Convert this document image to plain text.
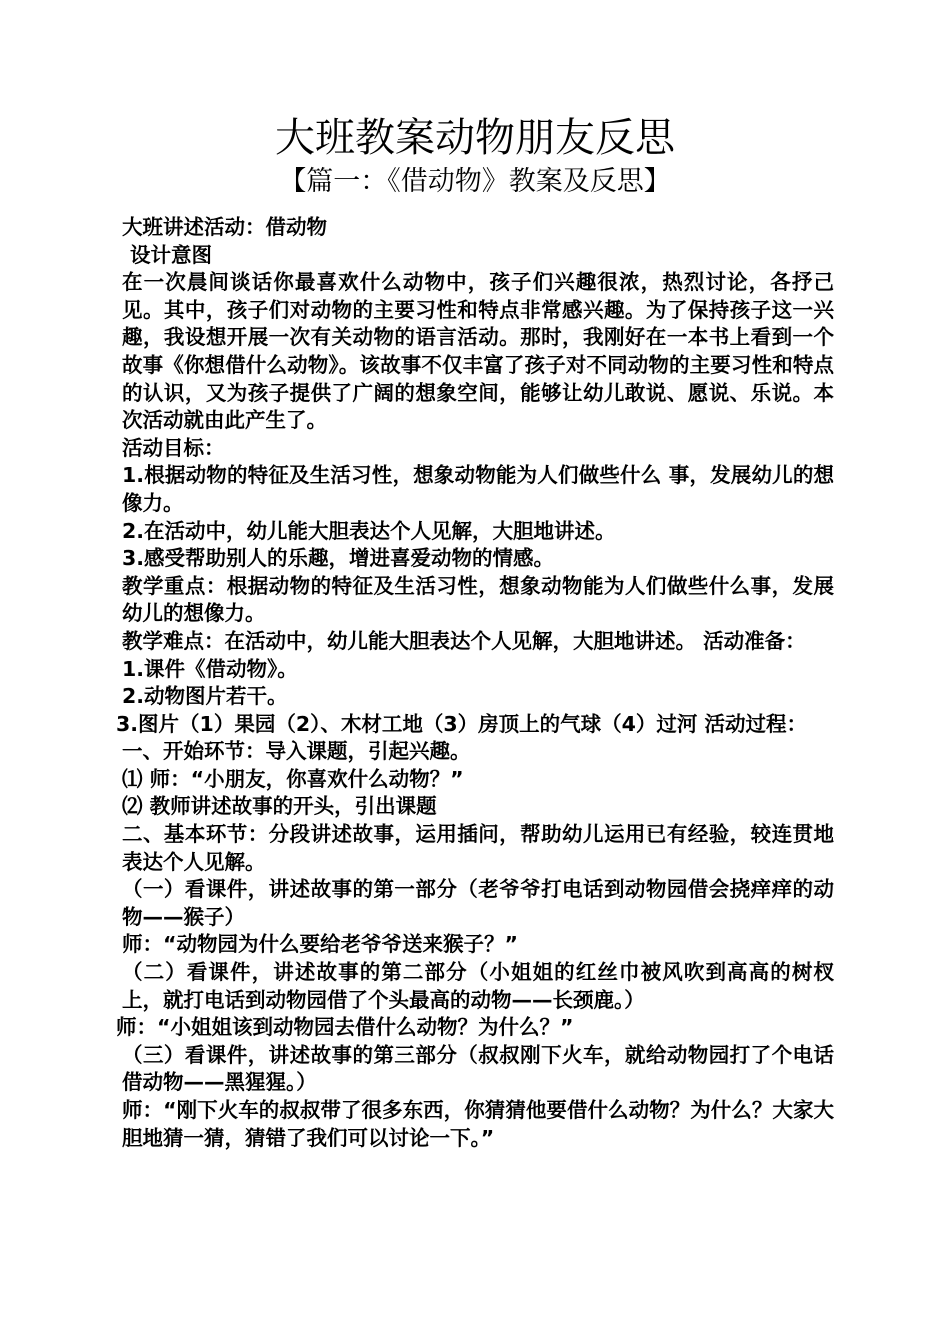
大班教案动物朋友反思
【篇一：《借动物》教案及反思】

大班讲述活动：借动物

设计意图

在一次晨间谈话你最喜欢什么动物中，孩子们兴趣很浓，热烈讨论，各抒己见。其中，孩子们对动物的主要习性和特点非常感兴趣。为了保持孩子这一兴趣，我设想开展一次有关动物的语言活动。那时，我刚好在一本书上看到一个故事《你想借什么动物》。该故事不仅丰富了孩子对不同动物的主要习性和特点的认识，又为孩子提供了广阔的想象空间，能够让幼儿敢说、愿说、乐说。本次活动就由此产生了。

活动目标：

1.根据动物的特征及生活习性，想象动物能为人们做些什么 事，发展幼儿的想像力。

2.在活动中，幼儿能大胆表达个人见解，大胆地讲述。

3.感受帮助别人的乐趣，增进喜爱动物的情感。

教学重点：根据动物的特征及生活习性，想象动物能为人们做些什么事，发展幼儿的想像力。

教学难点：在活动中，幼儿能大胆表达个人见解，大胆地讲述。 活动准备：

1.课件《借动物》。

2.动物图片若干。

3.图片（1）果园（2）、木材工地（3）房顶上的气球（4）过河 活动过程：

一、开始环节：导入课题，引起兴趣。

⑴ 师：“小朋友，你喜欢什么动物？”

⑵ 教师讲述故事的开头，引出课题

二、基本环节：分段讲述故事，运用插问，帮助幼儿运用已有经验，较连贯地表达个人见解。

（一）看课件，讲述故事的第一部分（老爷爷打电话到动物园借会挠痒痒的动物——猴子）

师：“动物园为什么要给老爷爷送来猴子？”

（二）看课件，讲述故事的第二部分（小姐姐的红丝巾被风吹到高高的树杈上，就打电话到动物园借了个头最高的动物——长颈鹿。）

师：“小姐姐该到动物园去借什么动物？为什么？”

（三）看课件，讲述故事的第三部分（叔叔刚下火车，就给动物园打了个电话借动物——黑猩猩。）

师：“刚下火车的叔叔带了很多东西，你猜猜他要借什么动物？为什么？大家大胆地猜一猜，猜错了我们可以讨论一下。”
